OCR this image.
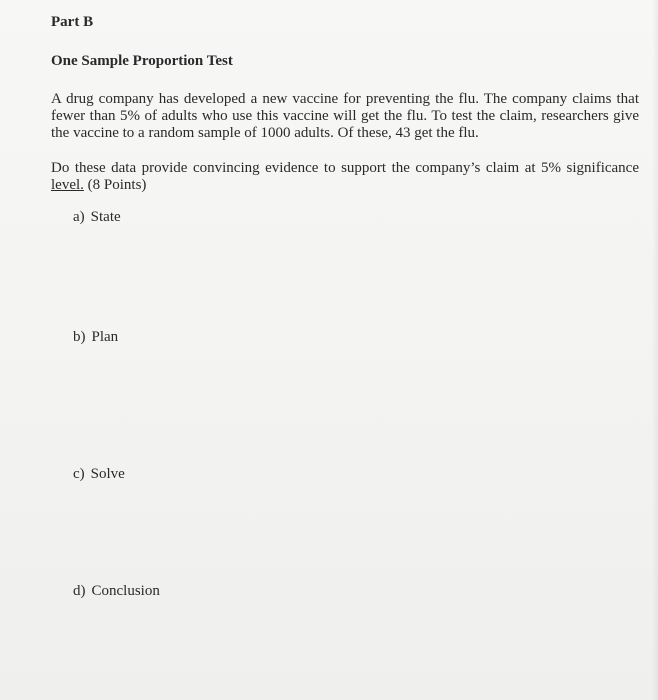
Part B
One Sample Proportion Test
A drug company has developed a new vaccine for preventing the flu. The company claims that fewer than 5% of adults who use this vaccine will get the flu. To test the claim, researchers give the vaccine to a random sample of 1000 adults. Of these, 43 get the flu.
Do these data provide convincing evidence to support the company’s claim at 5% significance level. (8 Points)
a) State
b) Plan
c) Solve
d) Conclusion
